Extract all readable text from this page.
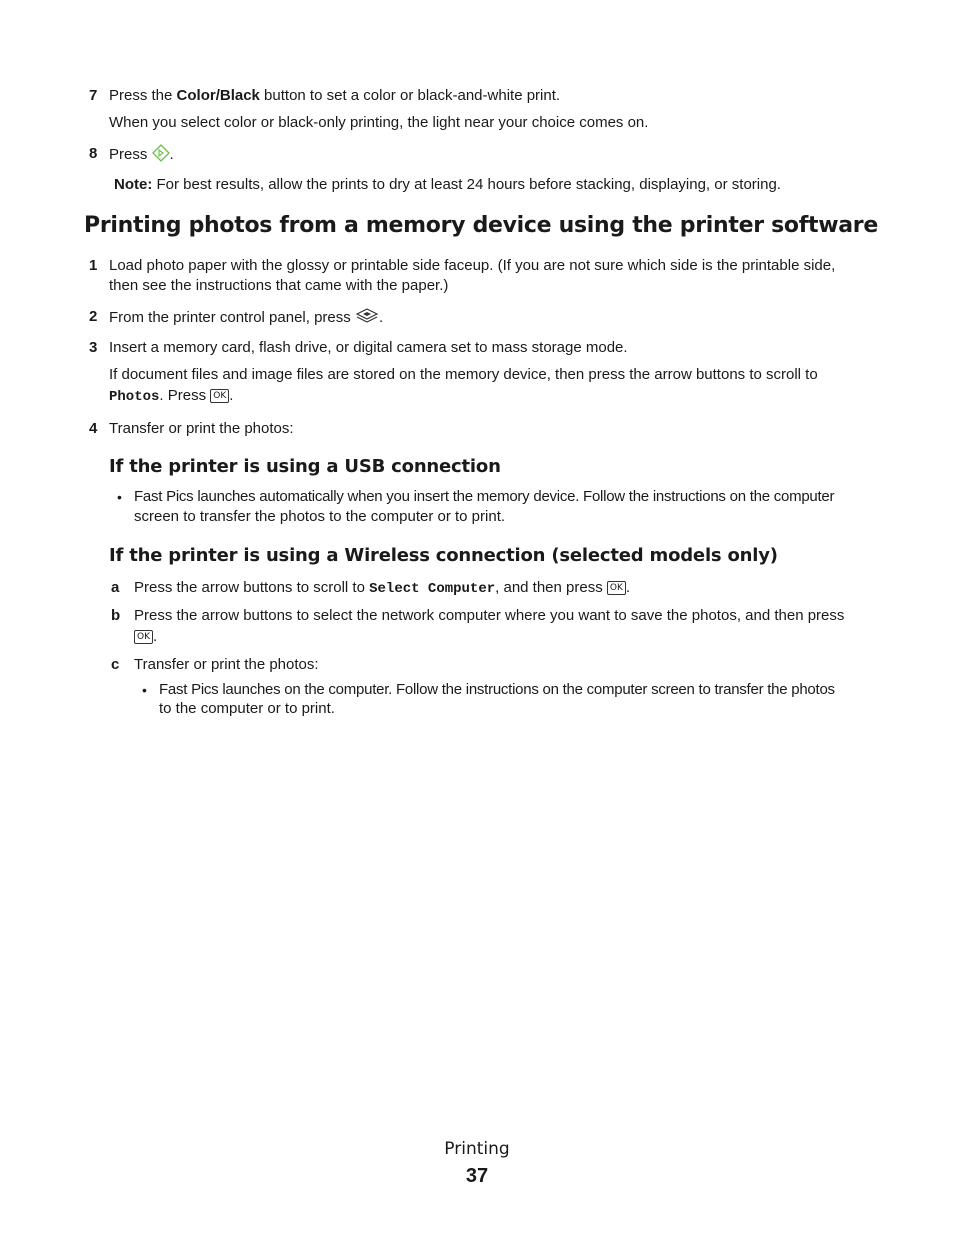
7 Press the Color/Black button to set a color or black-and-white print.
When you select color or black-only printing, the light near your choice comes on.
8 Press .
Note: For best results, allow the prints to dry at least 24 hours before stacking, displaying, or storing.
Printing photos from a memory device using the printer software
1 Load photo paper with the glossy or printable side faceup. (If you are not sure which side is the printable side,
then see the instructions that came with the paper.)
2 From the printer control panel, press .
3 Insert a memory card, flash drive, or digital camera set to mass storage mode.
If document files and image files are stored on the memory device, then press the arrow buttons to scroll to
Photos. Press OK .
4 Transfer or print the photos:
If the printer is using a USB connection
• Fast Pics launches automatically when you insert the memory device. Follow the instructions on the computer
screen to transfer the photos to the computer or to print.
If the printer is using a Wireless connection (selected models only)
a Press the arrow buttons to scroll to Select Computer, and then press OK .
b Press the arrow buttons to select the network computer where you want to save the photos, and then press
OK .
c Transfer or print the photos:
• Fast Pics launches on the computer. Follow the instructions on the computer screen to transfer the photos
to the computer or to print.
Printing
37
